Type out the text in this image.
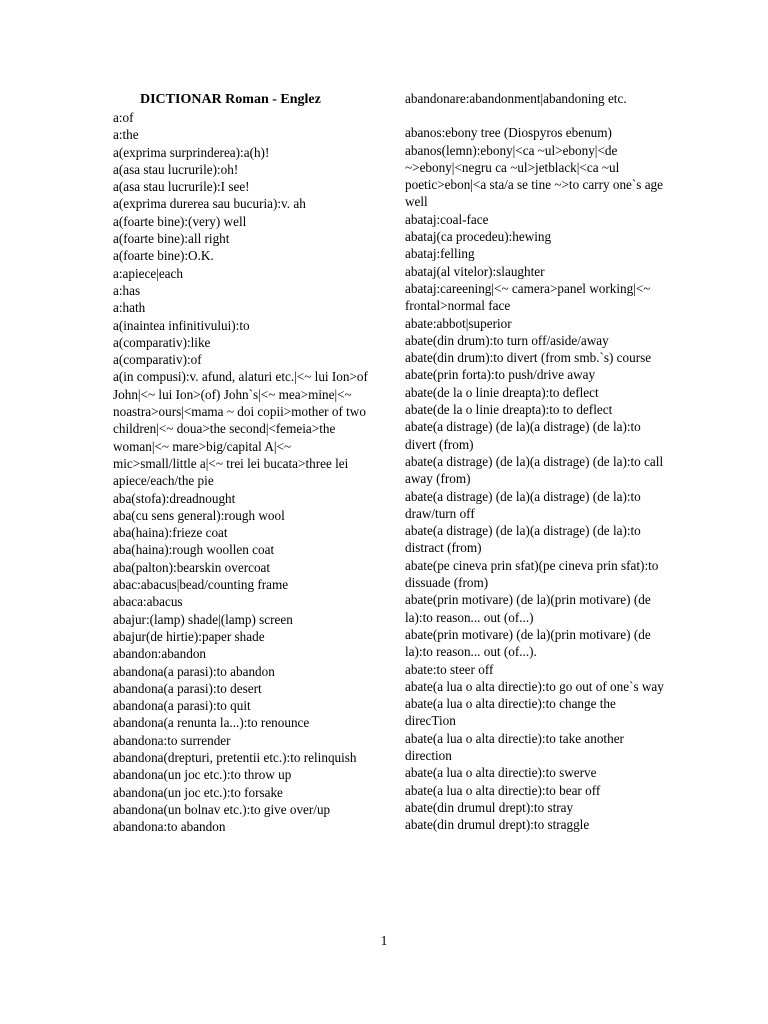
DICTIONAR Roman - Englez
a:of
a:the
a(exprima surprinderea):a(h)!
a(asa stau lucrurile):oh!
a(asa stau lucrurile):I see!
a(exprima durerea sau bucuria):v. ah
a(foarte bine):(very) well
a(foarte bine):all right
a(foarte bine):O.K.
a:apiece|each
a:has
a:hath
a(inaintea infinitivului):to
a(comparativ):like
a(comparativ):of
a(in compusi):v. afund, alaturi etc.|<~ lui Ion>of John|<~ lui Ion>(of) John`s|<~ mea>mine|<~ noastra>ours|<mama ~ doi copii>mother of two children|<~ doua>the second|<femeia>the woman|<~ mare>big/capital A|<~ mic>small/little a|<~ trei lei bucata>three lei apiece/each/the pie
aba(stofa):dreadnought
aba(cu sens general):rough wool
aba(haina):frieze coat
aba(haina):rough woollen coat
aba(palton):bearskin overcoat
abac:abacus|bead/counting frame
abaca:abacus
abajur:(lamp) shade|(lamp) screen
abajur(de hirtie):paper shade
abandon:abandon
abandona(a parasi):to abandon
abandona(a parasi):to desert
abandona(a parasi):to quit
abandona(a renunta la...):to renounce
abandona:to surrender
abandona(drepturi, pretentii etc.):to relinquish
abandona(un joc etc.):to throw up
abandona(un joc etc.):to forsake
abandona(un bolnav etc.):to give over/up
abandona:to abandon
abandonare:abandonment|abandoning etc.
abanos:ebony tree (Diospyros ebenum)
abanos(lemn):ebony|<ca ~ul>ebony|<de ~>ebony|<negru ca ~ul>jetblack|<ca ~ul poetic>ebon|<a sta/a se tine ~>to carry one`s age well
abataj:coal-face
abataj(ca procedeu):hewing
abataj:felling
abataj(al vitelor):slaughter
abataj:careening|<~ camera>panel working|<~ frontal>normal face
abate:abbot|superior
abate(din drum):to turn off/aside/away
abate(din drum):to divert (from smb.`s) course
abate(prin forta):to push/drive away
abate(de la o linie dreapta):to deflect
abate(de la o linie dreapta):to to deflect
abate(a distrage) (de la)(a distrage) (de la):to divert (from)
abate(a distrage) (de la)(a distrage) (de la):to call away (from)
abate(a distrage) (de la)(a distrage) (de la):to draw/turn off
abate(a distrage) (de la)(a distrage) (de la):to distract (from)
abate(pe cineva prin sfat)(pe cineva prin sfat):to dissuade (from)
abate(prin motivare) (de la)(prin motivare) (de la):to reason... out (of...)
abate(prin motivare) (de la)(prin motivare) (de la):to reason... out (of...).
abate:to steer off
abate(a lua o alta directie):to go out of one`s way
abate(a lua o alta directie):to change the direcTion
abate(a lua o alta directie):to take another direction
abate(a lua o alta directie):to swerve
abate(a lua o alta directie):to bear off
abate(din drumul drept):to stray
abate(din drumul drept):to straggle
1
